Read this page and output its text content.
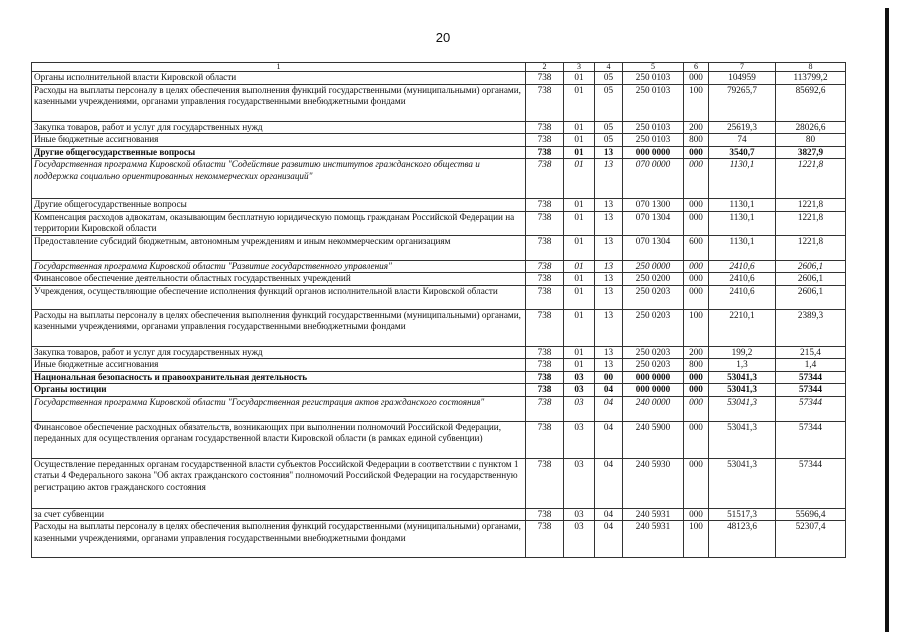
20
1	2	3	4	5	6	7	8
Органы исполнительной власти Кировской области	738	01	05	250 0103	000	104959	113799,2
Расходы на выплаты персоналу в целях обеспечения выполнения функций государственными (муниципальными) органами, казенными учреждениями, органами управления государственными внебюджетными фондами	738	01	05	250 0103	100	79265,7	85692,6
Закупка товаров, работ и услуг для государственных нужд	738	01	05	250 0103	200	25619,3	28026,6
Иные бюджетные ассигнования	738	01	05	250 0103	800	74	80
Другие общегосударственные вопросы	738	01	13	000 0000	000	3540,7	3827,9
Государственная программа Кировской области "Содействие развитию институтов гражданского общества и поддержка социально ориентированных некоммерческих организаций"	738	01	13	070 0000	000	1130,1	1221,8
Другие общегосударственные вопросы	738	01	13	070 1300	000	1130,1	1221,8
Компенсация расходов адвокатам, оказывающим бесплатную юридическую помощь гражданам Российской Федерации на территории Кировской области	738	01	13	070 1304	000	1130,1	1221,8
Предоставление субсидий бюджетным, автономным учреждениям и иным некоммерческим организациям	738	01	13	070 1304	600	1130,1	1221,8
Государственная программа Кировской области "Развитие государственного управления"	738	01	13	250 0000	000	2410,6	2606,1
Финансовое обеспечение деятельности областных государственных учреждений	738	01	13	250 0200	000	2410,6	2606,1
Учреждения, осуществляющие обеспечение исполнения функций органов исполнительной власти Кировской области	738	01	13	250 0203	000	2410,6	2606,1
Расходы на выплаты персоналу в целях обеспечения выполнения функций государственными (муниципальными) органами, казенными учреждениями, органами управления государственными внебюджетными фондами	738	01	13	250 0203	100	2210,1	2389,3
Закупка товаров, работ и услуг для государственных нужд	738	01	13	250 0203	200	199,2	215,4
Иные бюджетные ассигнования	738	01	13	250 0203	800	1,3	1,4
Национальная безопасность и правоохранительная деятельность	738	03	00	000 0000	000	53041,3	57344
Органы юстиции	738	03	04	000 0000	000	53041,3	57344
Государственная программа Кировской области "Государственная регистрация актов гражданского состояния"	738	03	04	240 0000	000	53041,3	57344
Финансовое обеспечение расходных обязательств, возникающих при выполнении полномочий Российской Федерации, переданных для осуществления органам государственной власти Кировской области (в рамках единой субвенции)	738	03	04	240 5900	000	53041,3	57344
Осуществление переданных органам государственной власти субъектов Российской Федерации в соответствии с пунктом 1 статьи 4 Федерального закона "Об актах гражданского состояния" полномочий Российской Федерации на государственную регистрацию актов гражданского состояния	738	03	04	240 5930	000	53041,3	57344
за счет субвенции	738	03	04	240 5931	000	51517,3	55696,4
Расходы на выплаты персоналу в целях обеспечения выполнения функций государственными (муниципальными) органами, казенными учреждениями, органами управления государственными внебюджетными фондами	738	03	04	240 5931	100	48123,6	52307,4
